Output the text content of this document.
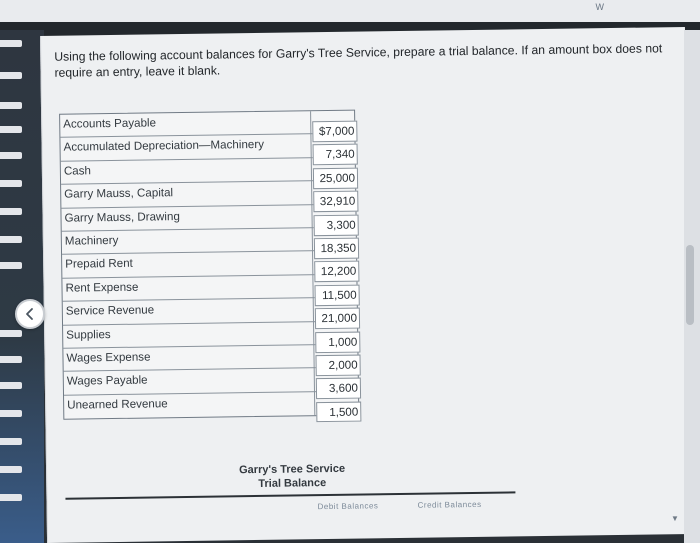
W

Using the following account balances for Garry's Tree Service, prepare a trial balance. If an amount box does not require an entry, leave it blank.

Accounts Payable
$7,000
Accumulated Depreciation—Machinery
7,340
Cash
25,000
Garry Mauss, Capital
32,910
Garry Mauss, Drawing
3,300
Machinery
18,350
Prepaid Rent
12,200
Rent Expense
11,500
Service Revenue
21,000
Supplies
1,000
Wages Expense
2,000
Wages Payable
3,600
Unearned Revenue
1,500
Garry's Tree Service
Trial Balance
Debit Balances	Credit Balances
▼
